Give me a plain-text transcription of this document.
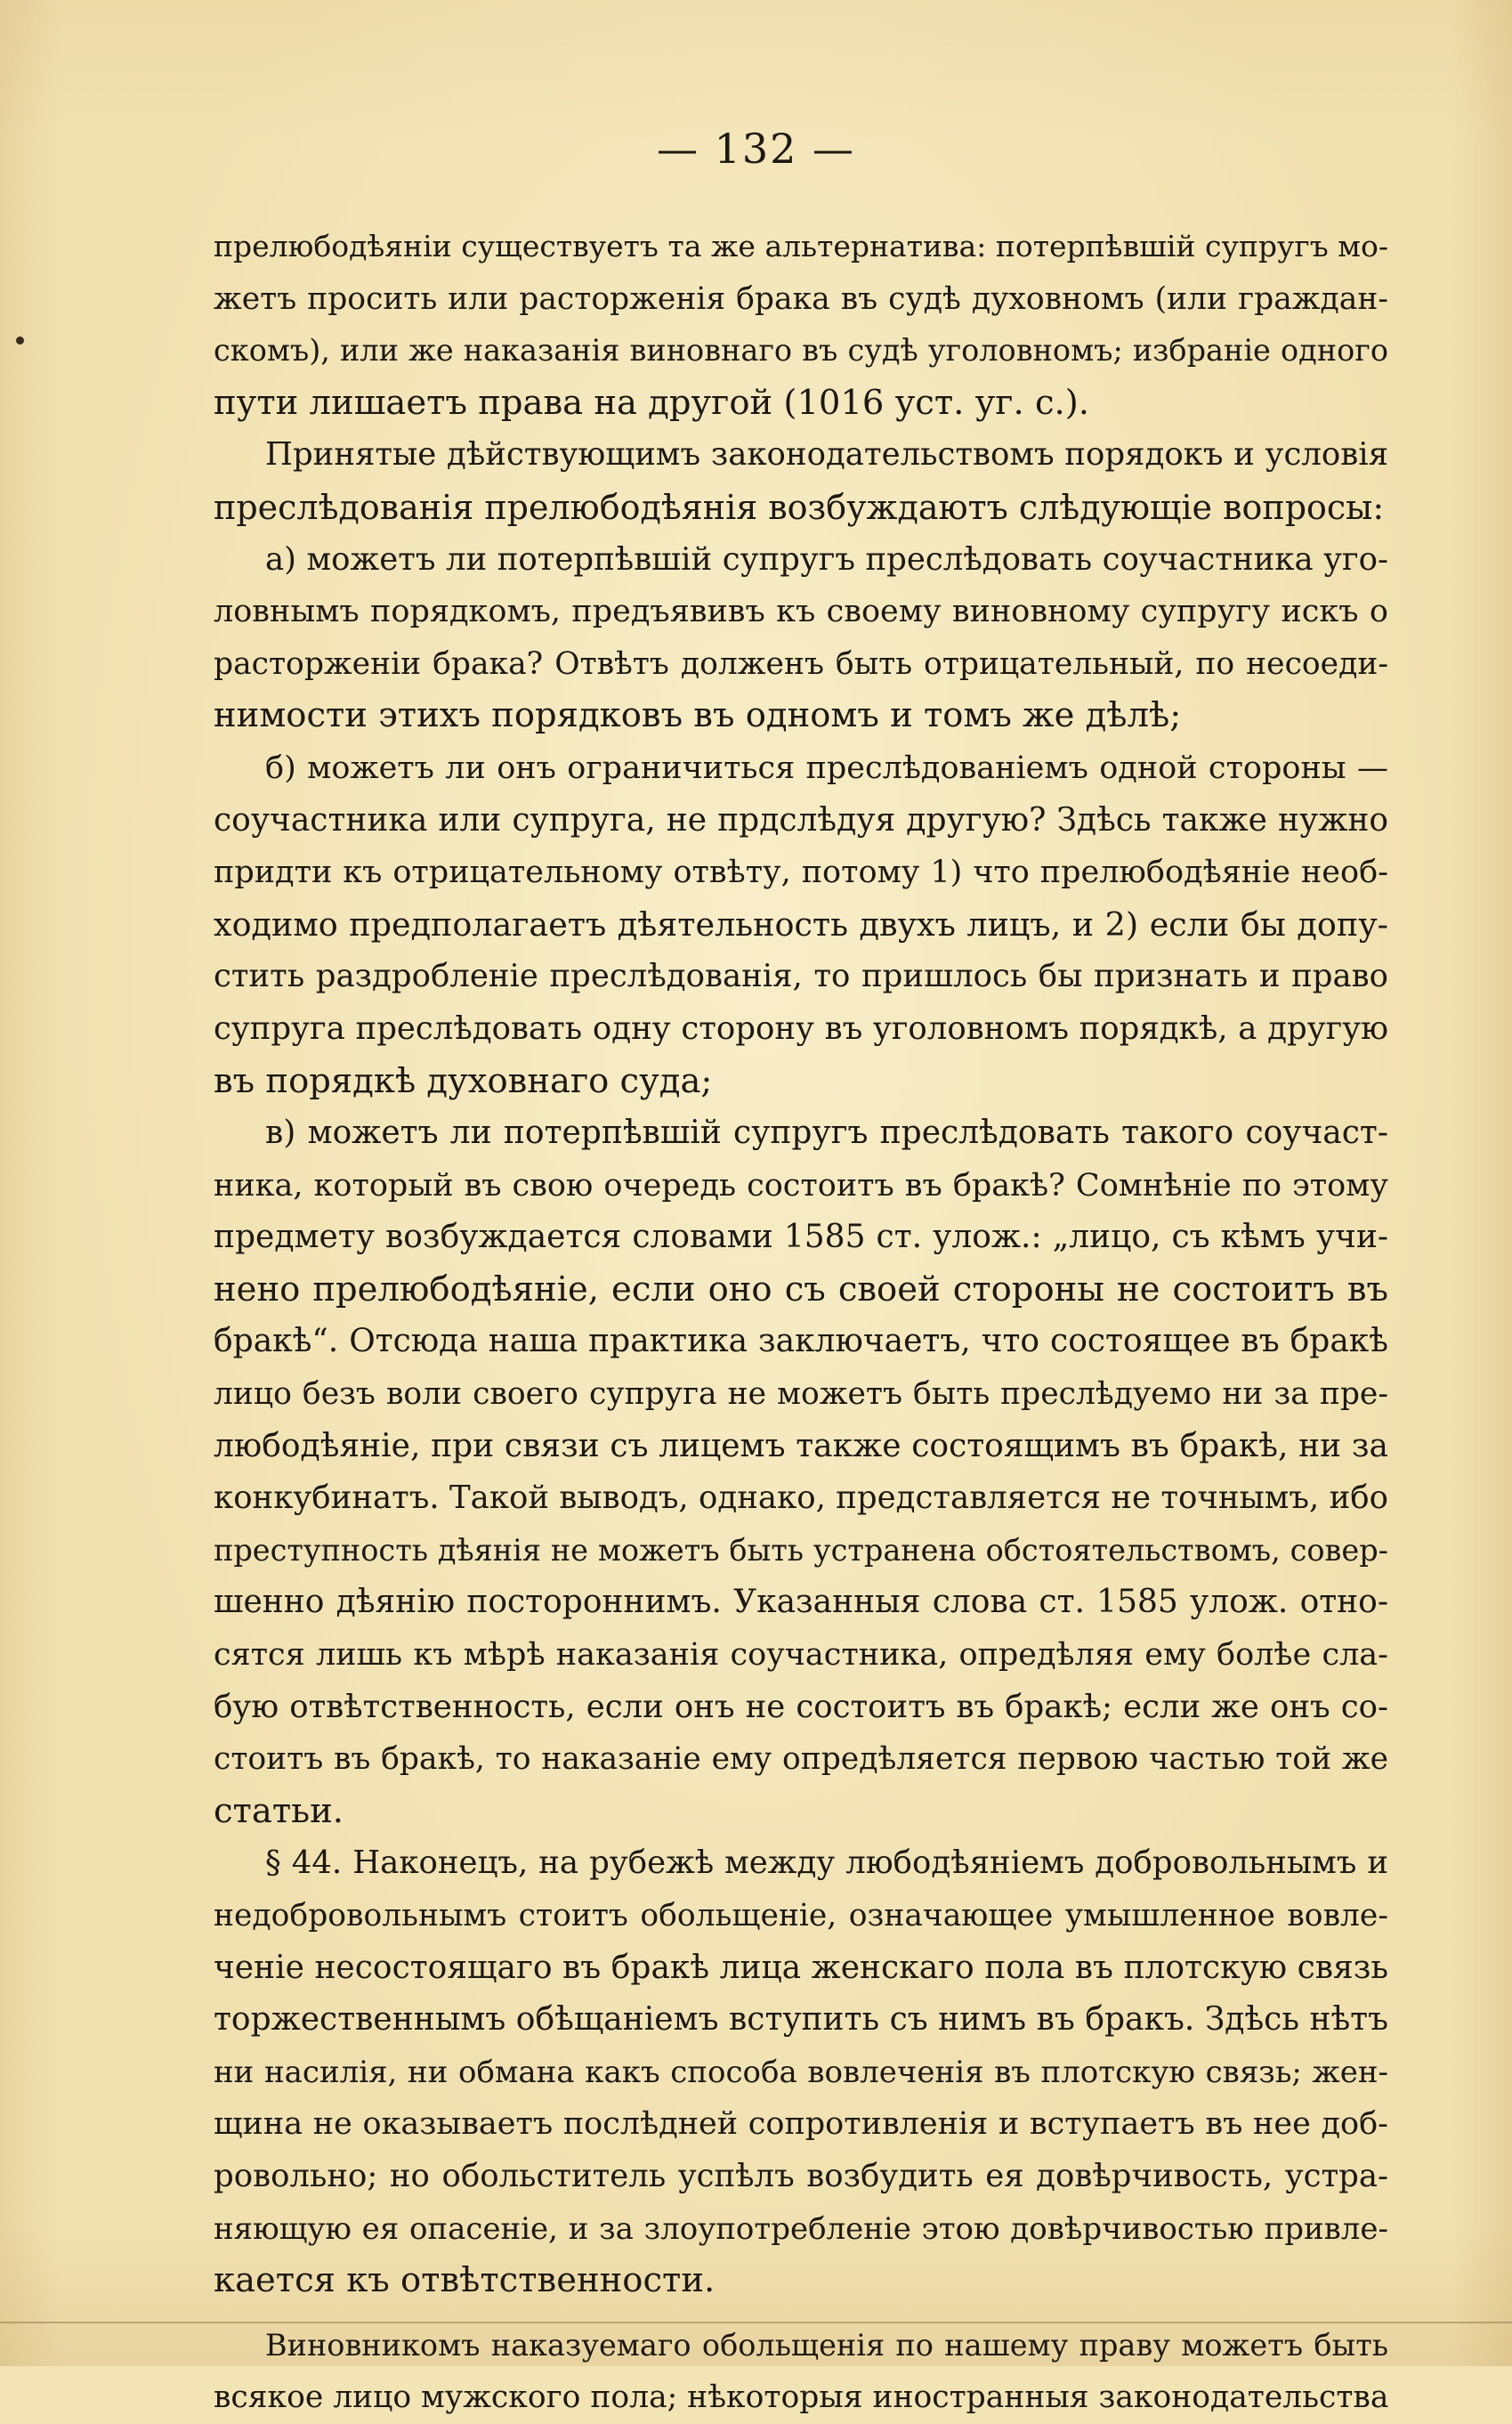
— 132 —
прелюбодѣяніи существуетъ та же альтернатива: потерпѣвшій супругъ мо-
жетъ просить или расторженія брака въ судѣ духовномъ (или граждан-
скомъ), или же наказанія виновнаго въ судѣ уголовномъ; избраніе одного
пути лишаетъ права на другой (1016 уст. уг. с.).
Принятые дѣйствующимъ законодательствомъ порядокъ и условія
преслѣдованія прелюбодѣянія возбуждаютъ слѣдующіе вопросы:
а) можетъ ли потерпѣвшій супругъ преслѣдовать соучастника уго-
ловнымъ порядкомъ, предъявивъ къ своему виновному супругу искъ о
расторженіи брака? Отвѣтъ долженъ быть отрицательный, по несоеди-
нимости этихъ порядковъ въ одномъ и томъ же дѣлѣ;
б) можетъ ли онъ ограничиться преслѣдованіемъ одной стороны —
соучастника или супруга, не прдслѣдуя другую? Здѣсь также нужно
придти къ отрицательному отвѣту, потому 1) что прелюбодѣяніе необ-
ходимо предполагаетъ дѣятельность двухъ лицъ, и 2) если бы допу-
стить раздробленіе преслѣдованія, то пришлось бы признать и право
супруга преслѣдовать одну сторону въ уголовномъ порядкѣ, а другую
въ порядкѣ духовнаго суда;
в) можетъ ли потерпѣвшій супругъ преслѣдовать такого соучаст-
ника, который въ свою очередь состоитъ въ бракѣ? Сомнѣніе по этому
предмету возбуждается словами 1585 ст. улож.: „лицо, съ кѣмъ учи-
нено прелюбодѣяніе, если оно съ своей стороны не состоитъ въ
бракѣ“. Отсюда наша практика заключаетъ, что состоящее въ бракѣ
лицо безъ воли своего супруга не можетъ быть преслѣдуемо ни за пре-
любодѣяніе, при связи съ лицемъ также состоящимъ въ бракѣ, ни за
конкубинатъ. Такой выводъ, однако, представляется не точнымъ, ибо
преступность дѣянія не можетъ быть устранена обстоятельствомъ, совер-
шенно дѣянію постороннимъ. Указанныя слова ст. 1585 улож. отно-
сятся лишь къ мѣрѣ наказанія соучастника, опредѣляя ему болѣе сла-
бую отвѣтственность, если онъ не состоитъ въ бракѣ; если же онъ со-
стоитъ въ бракѣ, то наказаніе ему опредѣляется первою частью той же
статьи.
§ 44. Наконецъ, на рубежѣ между любодѣяніемъ добровольнымъ и
недобровольнымъ стоитъ обольщеніе, означающее умышленное вовле-
ченіе несостоящаго въ бракѣ лица женскаго пола въ плотскую связь
торжественнымъ обѣщаніемъ вступить съ нимъ въ бракъ. Здѣсь нѣтъ
ни насилія, ни обмана какъ способа вовлеченія въ плотскую связь; жен-
щина не оказываетъ послѣдней сопротивленія и вступаетъ въ нее доб-
ровольно; но обольститель успѣлъ возбудить ея довѣрчивость, устра-
няющую ея опасеніе, и за злоупотребленіе этою довѣрчивостью привле-
кается къ отвѣтственности.
Виновникомъ наказуемаго обольщенія по нашему праву можетъ быть
всякое лицо мужского пола; нѣкоторыя иностранныя законодательства
